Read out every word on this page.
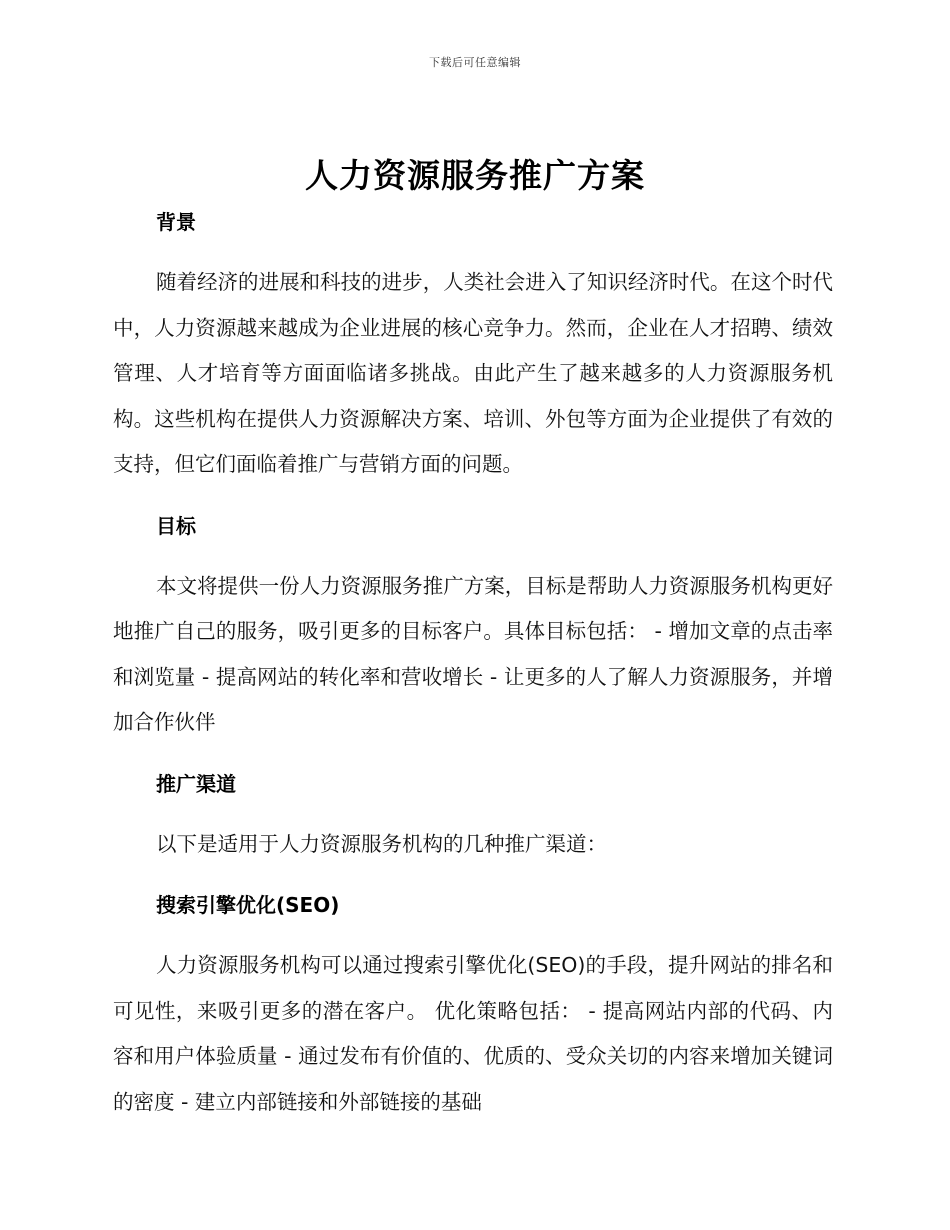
下载后可任意编辑
人力资源服务推广方案
背景

随着经济的进展和科技的进步，人类社会进入了知识经济时代。在这个时代中，人力资源越来越成为企业进展的核心竞争力。然而，企业在人才招聘、绩效管理、人才培育等方面面临诸多挑战。由此产生了越来越多的人力资源服务机构。这些机构在提供人力资源解决方案、培训、外包等方面为企业提供了有效的支持，但它们面临着推广与营销方面的问题。

目标

本文将提供一份人力资源服务推广方案，目标是帮助人力资源服务机构更好地推广自己的服务，吸引更多的目标客户。具体目标包括： - 增加文章的点击率和浏览量 - 提高网站的转化率和营收增长 - 让更多的人了解人力资源服务，并增加合作伙伴

推广渠道

以下是适用于人力资源服务机构的几种推广渠道：

搜索引擎优化(SEO)

人力资源服务机构可以通过搜索引擎优化(SEO)的手段，提升网站的排名和可见性，来吸引更多的潜在客户。 优化策略包括： - 提高网站内部的代码、内容和用户体验质量 - 通过发布有价值的、优质的、受众关切的内容来增加关键词的密度 - 建立内部链接和外部链接的基础
